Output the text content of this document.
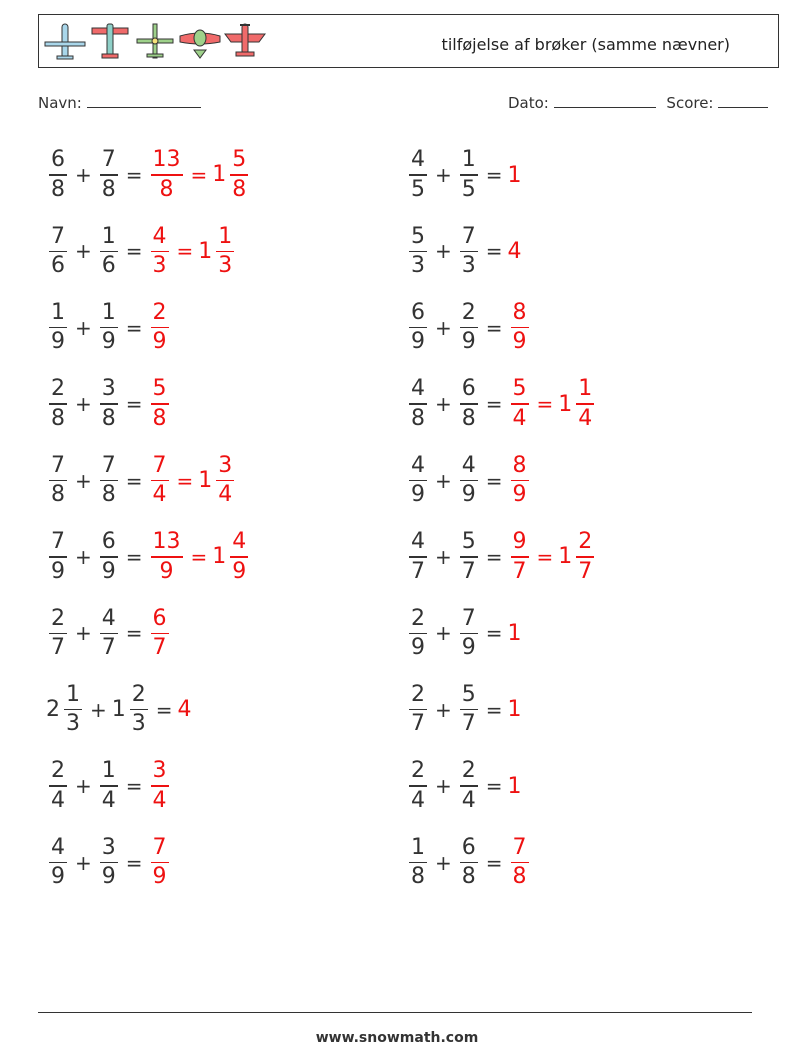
tilføjelse af brøker (samme nævner)
Navn:	Dato:	Score:
$\frac{6}{8} + \frac{7}{8} = \frac{13}{8} = 1 \frac{5}{8}$	$\frac{4}{5} + \frac{1}{5} = 1$
$\frac{7}{6} + \frac{1}{6} = \frac{4}{3} = 1 \frac{1}{3}$	$\frac{5}{3} + \frac{7}{3} = 4$
$\frac{1}{9} + \frac{1}{9} = \frac{2}{9}$	$\frac{6}{9} + \frac{2}{9} = \frac{8}{9}$
$\frac{2}{8} + \frac{3}{8} = \frac{5}{8}$	$\frac{4}{8} + \frac{6}{8} = \frac{5}{4} = 1 \frac{1}{4}$
$\frac{7}{8} + \frac{7}{8} = \frac{7}{4} = 1 \frac{3}{4}$	$\frac{4}{9} + \frac{4}{9} = \frac{8}{9}$
$\frac{7}{9} + \frac{6}{9} = \frac{13}{9} = 1 \frac{4}{9}$	$\frac{4}{7} + \frac{5}{7} = \frac{9}{7} = 1 \frac{2}{7}$
$\frac{2}{7} + \frac{4}{7} = \frac{6}{7}$	$\frac{2}{9} + \frac{7}{9} = 1$
$2 \frac{1}{3} + 1 \frac{2}{3} = 4$	$\frac{2}{7} + \frac{5}{7} = 1$
$\frac{2}{4} + \frac{1}{4} = \frac{3}{4}$	$\frac{2}{4} + \frac{2}{4} = 1$
$\frac{4}{9} + \frac{3}{9} = \frac{7}{9}$	$\frac{1}{8} + \frac{6}{8} = \frac{7}{8}$
www.snowmath.com
